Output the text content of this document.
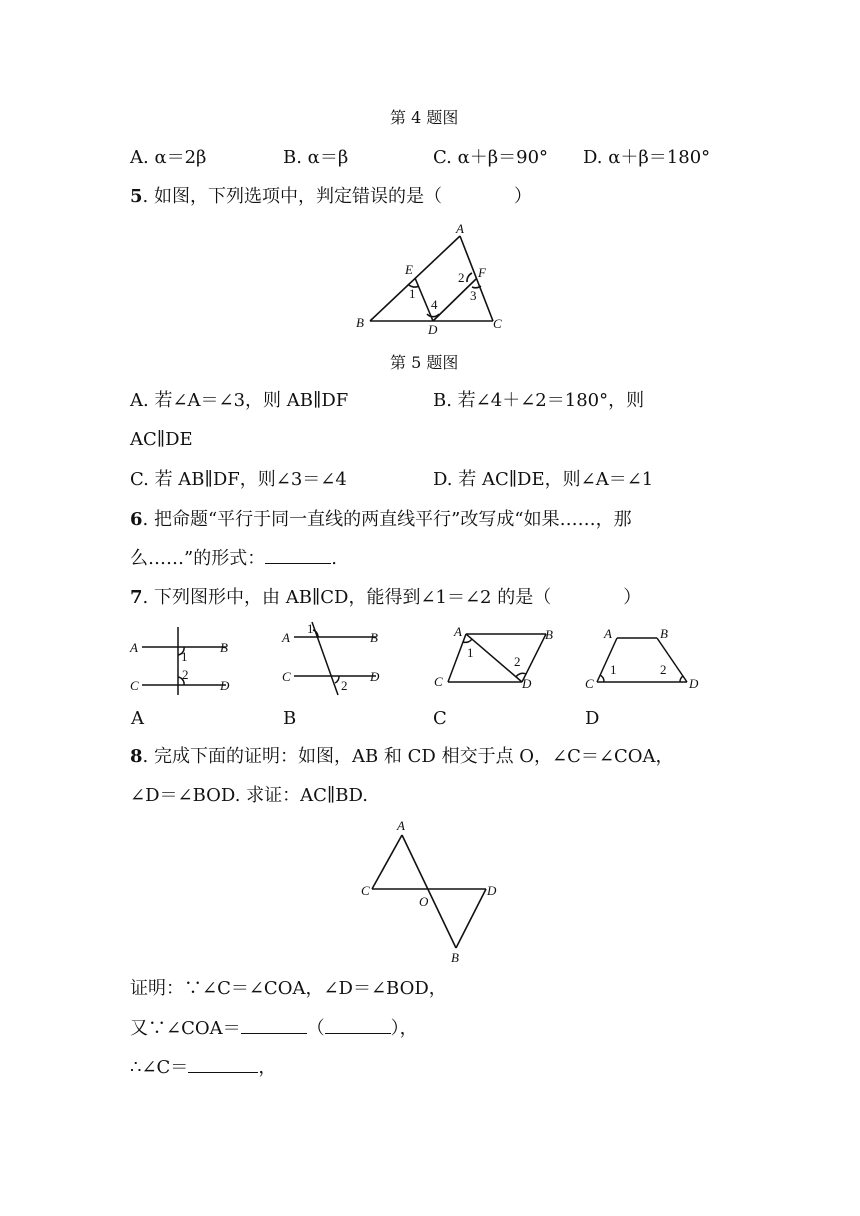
第 4 题图
A. α＝2β	B. α＝β	C. α＋β＝90° D. α＋β＝180°
5. 如图，下列选项中，判定错误的是（　　　　）
A
B	C
D
E	F
1
2
3
4
第 5 题图
A. 若∠A＝∠3，则 AB∥DF	B. 若∠4＋∠2＝180°，则
AC∥DE
C. 若 AB∥DF，则∠3＝∠4	D. 若 AC∥DE，则∠A＝∠1
6. 把命题“平行于同一直线的两直线平行”改写成“如果……，那
么……”的形式：	.
7. 下列图形中，由 AB∥CD，能得到∠1＝∠2 的是（　　　　）
A	B
C	D
1
2
A	B
C	D
1
2
A	B
C	D
1
2
A	B
C	D
1	2
A	B	C	D
8. 完成下面的证明：如图，AB 和 CD 相交于点 O，∠C＝∠COA，
∠D＝∠BOD. 求证：AC∥BD.
A
B
C	D
O
证明：∵∠C＝∠COA，∠D＝∠BOD，
又∵∠COA＝	（	），
∴∠C＝	，
